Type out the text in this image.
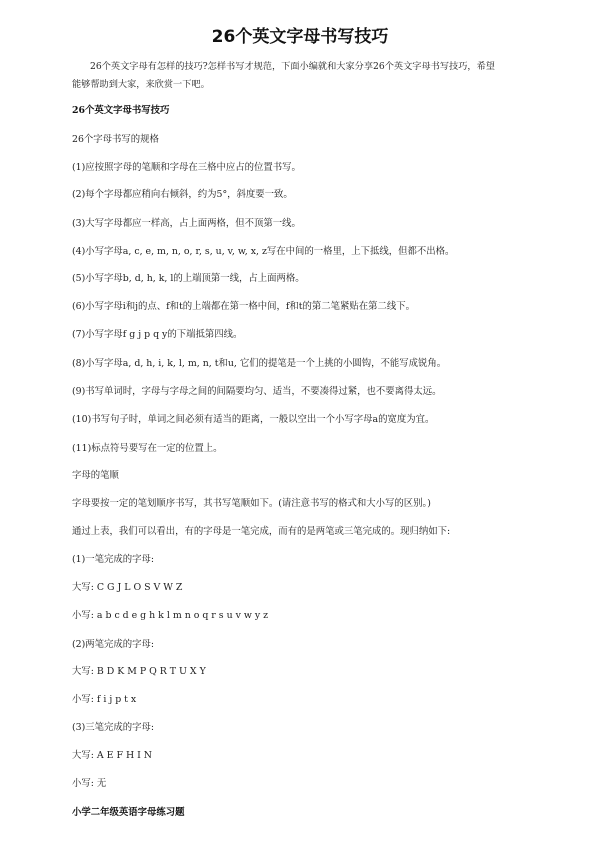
26个英文字母书写技巧
26个英文字母有怎样的技巧?怎样书写才规范，下面小编就和大家分享26个英文字母书写技巧，希望
能够帮助到大家，来欣赏一下吧。
26个英文字母书写技巧
26个字母书写的规格
(1)应按照字母的笔顺和字母在三格中应占的位置书写。
(2)每个字母都应稍向右倾斜，约为5°，斜度要一致。
(3)大写字母都应一样高，占上面两格，但不顶第一线。
(4)小写字母a, c, e, m, n, o, r, s, u, v, w, x, z写在中间的一格里，上下抵线，但都不出格。
(5)小写字母b, d, h, k, l的上端顶第一线，占上面两格。
(6)小写字母i和j的点、f和t的上端都在第一格中间，f和t的第二笔紧贴在第二线下。
(7)小写字母f g j p q y的下端抵第四线。
(8)小写字母a, d, h, i, k, l, m, n, t和u, 它们的提笔是一个上挑的小圆钩，不能写成锐角。
(9)书写单词时，字母与字母之间的间隔要均匀、适当，不要凑得过紧，也不要离得太远。
(10)书写句子时，单词之间必须有适当的距离，一般以空出一个小写字母a的宽度为宜。
(11)标点符号要写在一定的位置上。
字母的笔顺
字母要按一定的笔划顺序书写，其书写笔顺如下。(请注意书写的格式和大小写的区别。)
通过上表，我们可以看出，有的字母是一笔完成，而有的是两笔或三笔完成的。现归纳如下:
(1)一笔完成的字母:
大写: C G J L O S V W Z
小写: a b c d e g h k l m n o q r s u v w y z
(2)两笔完成的字母:
大写: B D K M P Q R T U X Y
小写: f i j p t x
(3)三笔完成的字母:
大写: A E F H I N
小写: 无
小学二年级英语字母练习题
